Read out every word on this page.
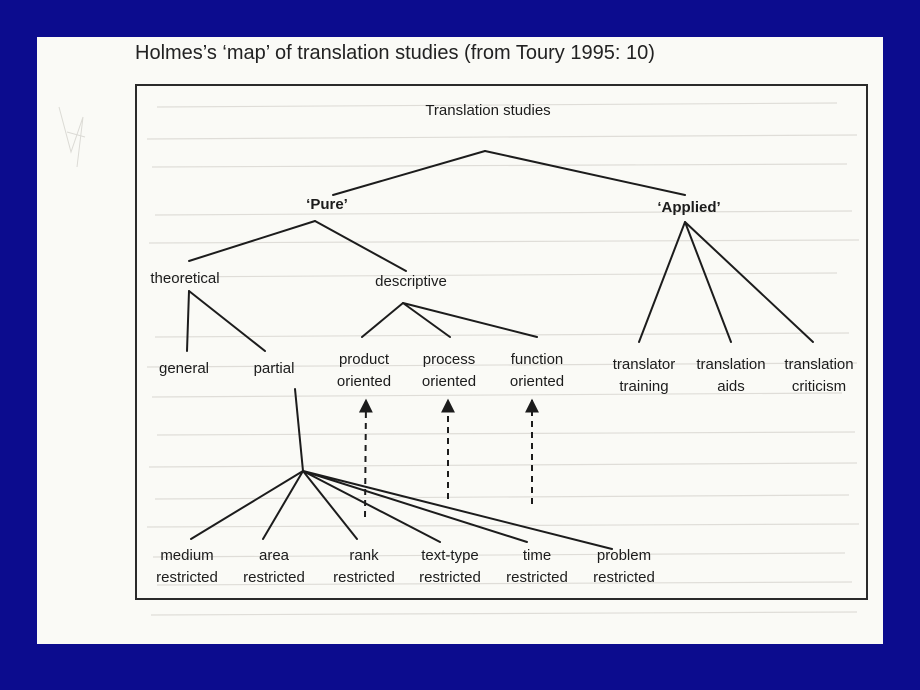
Holmes’s ‘map’ of translation studies (from Toury 1995: 10)
Translation studies
‘Pure’	‘Applied’
theoretical	descriptive
general	partial
product
oriented
process
oriented
function
oriented
translator
training
translation
aids
translation
criticism
medium
restricted
area
restricted
rank
restricted
text-type
restricted
time
restricted
problem
restricted
